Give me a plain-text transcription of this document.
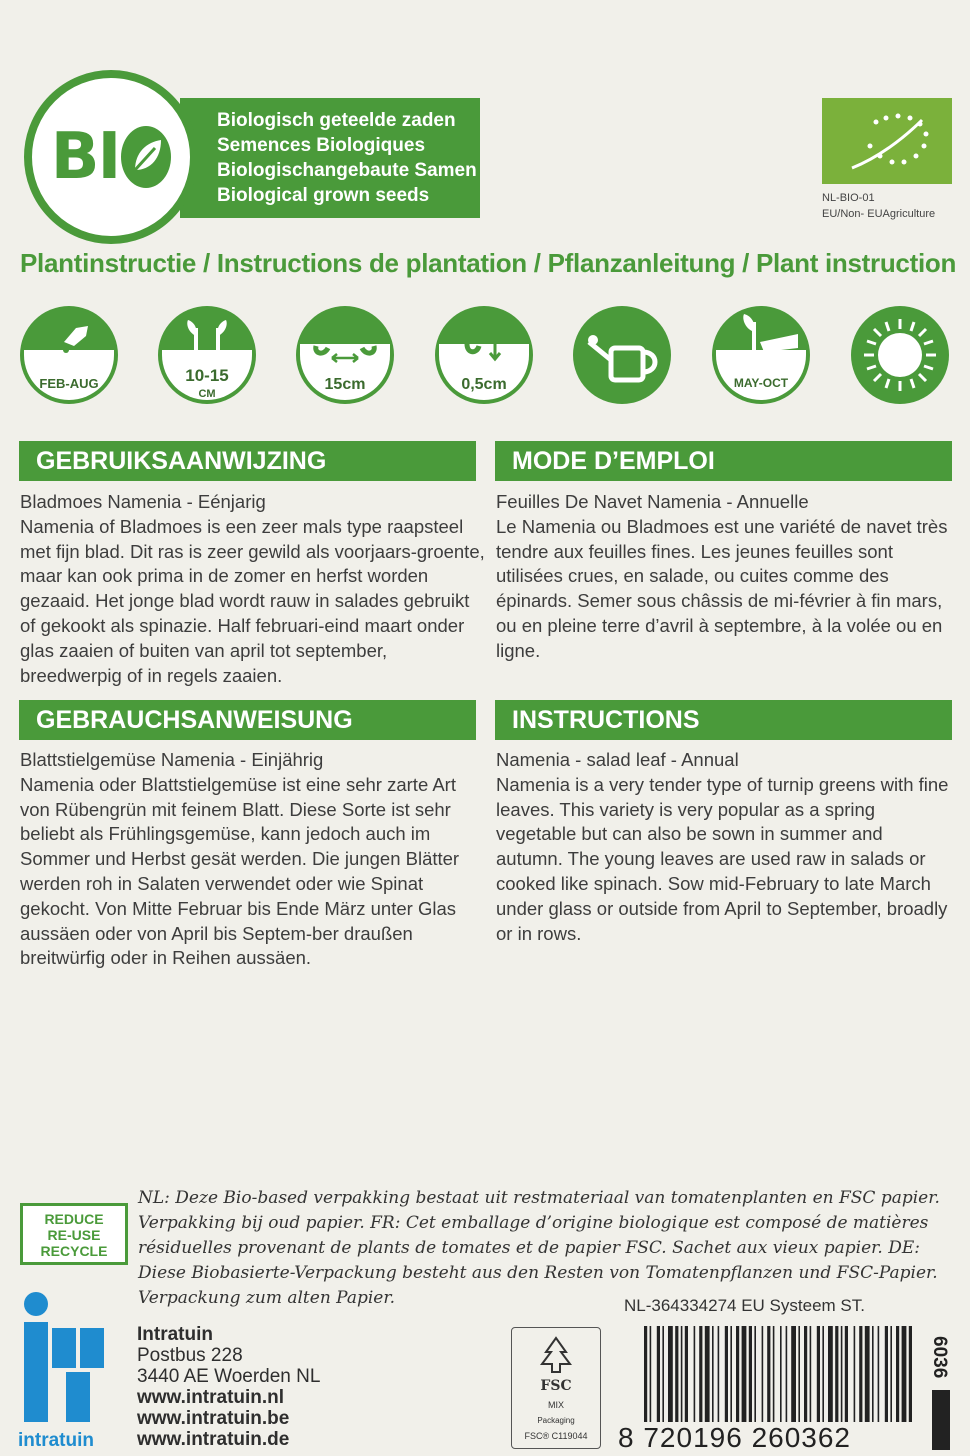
BI	Biologisch geteelde zaden
Semences Biologiques
Biologischangebaute Samen
Biological grown seeds	NL-BIO-01
EU/Non- EUAgriculture
Plantinstructie / Instructions de plantation / Pflanzanleitung / Plant instruction
FEB-AUG	10-15
CM
15cm	0,5cm	MAY-OCT
GEBRUIKSAANWIJZING
Bladmoes Namenia - Eénjarig
Namenia of Bladmoes is een zeer mals type raapsteel met fijn blad. Dit ras is zeer gewild als voorjaars-groente, maar kan ook prima in de zomer en herfst worden gezaaid. Het jonge blad wordt rauw in salades gebruikt of gekookt als spinazie. Half februari-eind maart onder glas zaaien of buiten van april tot september, breedwerpig of in regels zaaien.
MODE D’EMPLOI
Feuilles De Navet Namenia - Annuelle
Le Namenia ou Bladmoes est une variété de navet très tendre aux feuilles fines. Les jeunes feuilles sont utilisées crues, en salade, ou cuites comme des épinards. Semer sous châssis de mi-février à fin mars, ou en pleine terre d’avril à septembre, à la volée ou en ligne.
GEBRAUCHSANWEISUNG
Blattstielgemüse Namenia - Einjährig
Namenia oder Blattstielgemüse ist eine sehr zarte Art von Rübengrün mit feinem Blatt. Diese Sorte ist sehr beliebt als Frühlingsgemüse, kann jedoch auch im Sommer und Herbst gesät werden. Die jungen Blätter werden roh in Salaten verwendet oder wie Spinat gekocht. Von Mitte Februar bis Ende März unter Glas aussäen oder von April bis Septem-ber draußen breitwürfig oder in Reihen aussäen.
INSTRUCTIONS
Namenia - salad leaf - Annual
Namenia is a very tender type of turnip greens with fine leaves. This variety is very popular as a spring vegetable but can also be sown in summer and autumn. The young leaves are used raw in salads or cooked like spinach. Sow mid-February to late March under glass or outside from April to September, broadly or in rows.
REDUCE
RE-USE
RECYCLE
NL: Deze Bio-based verpakking bestaat uit restmateriaal van tomatenplanten en FSC papier. Verpakking bij oud papier. FR: Cet emballage d’origine biologique est composé de matières résiduelles provenant de plants de tomates et de papier FSC. Sachet aux vieux papier. DE: Diese Biobasierte-Verpackung besteht aus den Resten von Tomatenpflanzen und FSC-Papier. Verpackung zum alten Papier.	NL-364334274 EU Systeem ST.
intratuin
Intratuin
Postbus 228
3440 AE Woerden NL
www.intratuin.nl
www.intratuin.be
www.intratuin.de
FSC
MIX
Packaging
FSC® C119044	8 720196 260362
6036
